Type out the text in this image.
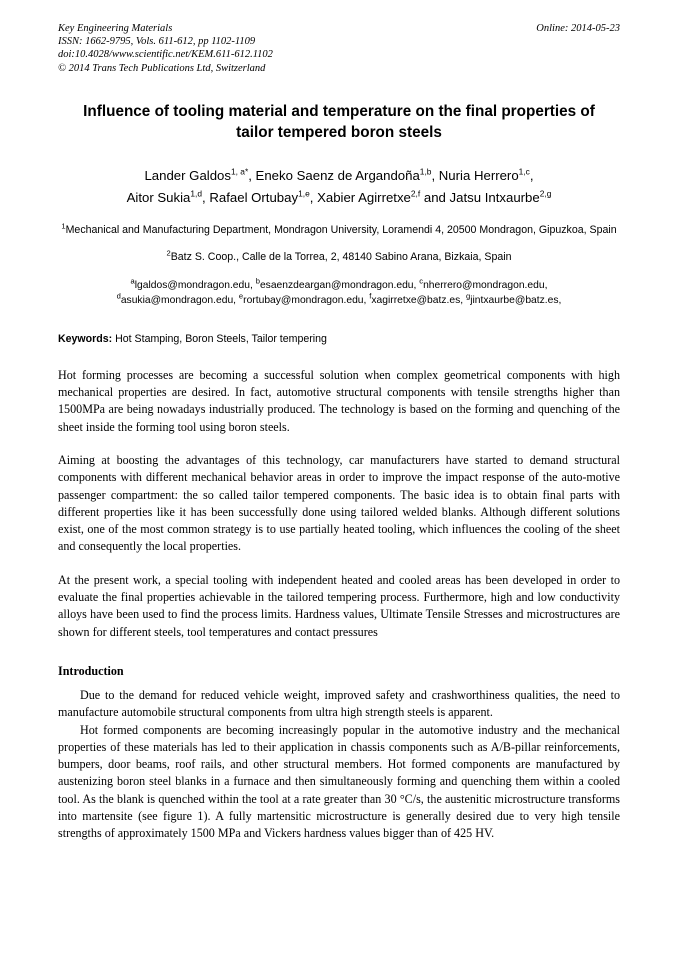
Key Engineering Materials	Online: 2014-05-23
ISSN: 1662-9795, Vols. 611-612, pp 1102-1109
doi:10.4028/www.scientific.net/KEM.611-612.1102
© 2014 Trans Tech Publications Ltd, Switzerland
Influence of tooling material and temperature on the final properties of tailor tempered boron steels
Lander Galdos$^{1, a*}$, Eneko Saenz de Argandoña$^{1,b}$, Nuria Herrero$^{1,c}$,
Aitor Sukia$^{1,d}$, Rafael Ortubay$^{1,e}$, Xabier Agirretxe$^{2,f}$ and Jatsu Intxaurbe$^{2,g}$
$^1$Mechanical and Manufacturing Department, Mondragon University, Loramendi 4, 20500 Mondragon, Gipuzkoa, Spain
$^2$Batz S. Coop., Calle de la Torrea, 2, 48140 Sabino Arana, Bizkaia, Spain
$^a$lgaldos@mondragon.edu, $^b$esaenzdeargan@mondragon.edu, $^c$nherrero@mondragon.edu,
$^d$asukia@mondragon.edu, $^e$rortubay@mondragon.edu, $^f$xagirretxe@batz.es, $^g$jintxaurbe@batz.es,
Keywords: Hot Stamping, Boron Steels, Tailor tempering

Hot forming processes are becoming a successful solution when complex geometrical components with high mechanical properties are desired. In fact, automotive structural components with tensile strengths higher than 1500MPa are being nowadays industrially produced. The technology is based on the forming and quenching of the sheet inside the forming tool using boron steels.

Aiming at boosting the advantages of this technology, car manufacturers have started to demand structural components with different mechanical behavior areas in order to improve the impact response of the auto-motive passenger compartment: the so called tailor tempered components. The basic idea is to obtain final parts with different properties like it has been successfully done using tailored welded blanks. Although different solutions exist, one of the most common strategy is to use partially heated tooling, which influences the cooling of the sheet and consequently the local properties.

At the present work, a special tooling with independent heated and cooled areas has been developed in order to evaluate the final properties achievable in the tailored tempering process. Furthermore, high and low conductivity alloys have been used to find the process limits. Hardness values, Ultimate Tensile Stresses and microstructures are shown for different steels, tool temperatures and contact pressures

Introduction

Due to the demand for reduced vehicle weight, improved safety and crashworthiness qualities, the need to manufacture automobile structural components from ultra high strength steels is apparent.

Hot formed components are becoming increasingly popular in the automotive industry and the mechanical properties of these materials has led to their application in chassis components such as A/B-pillar reinforcements, bumpers, door beams, roof rails, and other structural members. Hot formed components are manufactured by austenizing boron steel blanks in a furnace and then simultaneously forming and quenching them within a cooled tool. As the blank is quenched within the tool at a rate greater than 30 °C/s, the austenitic microstructure transforms into martensite (see figure 1). A fully martensitic microstructure is generally desired due to very high tensile strengths of approximately 1500 MPa and Vickers hardness values bigger than of 425 HV.
